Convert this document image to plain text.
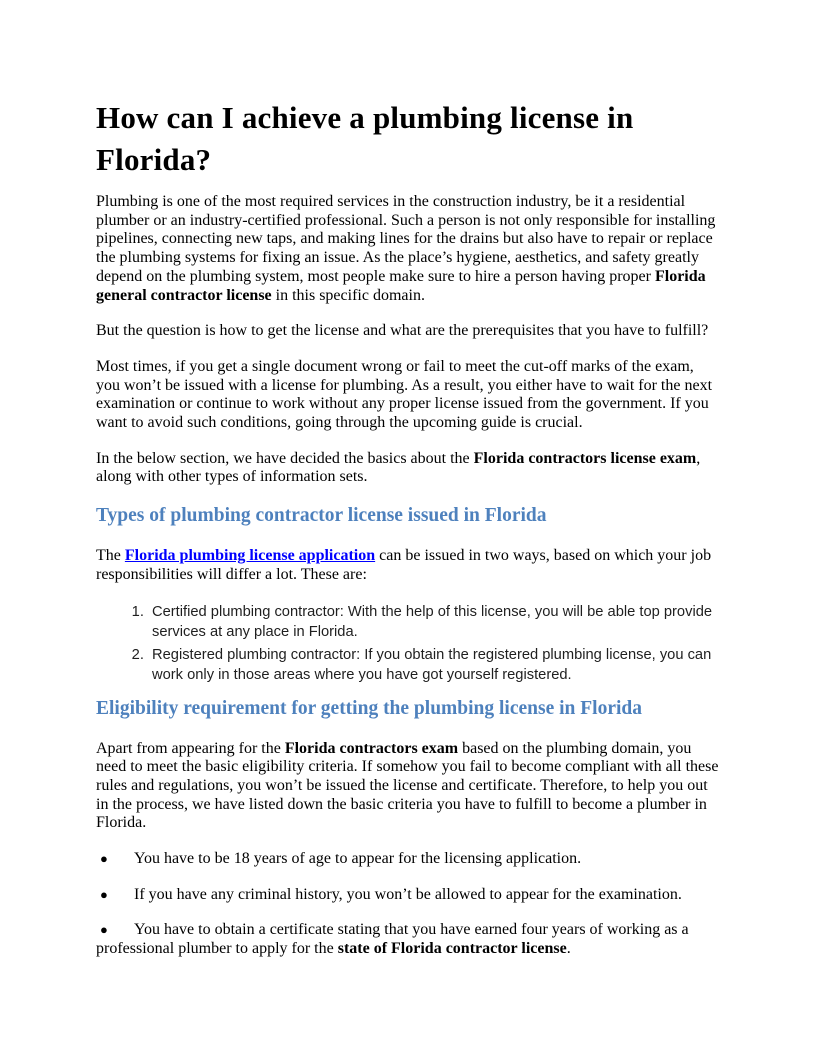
How can I achieve a plumbing license in Florida?

Plumbing is one of the most required services in the construction industry, be it a residential plumber or an industry-certified professional. Such a person is not only responsible for installing pipelines, connecting new taps, and making lines for the drains but also have to repair or replace the plumbing systems for fixing an issue. As the place’s hygiene, aesthetics, and safety greatly depend on the plumbing system, most people make sure to hire a person having proper Florida general contractor license in this specific domain.

But the question is how to get the license and what are the prerequisites that you have to fulfill?

Most times, if you get a single document wrong or fail to meet the cut-off marks of the exam, you won’t be issued with a license for plumbing. As a result, you either have to wait for the next examination or continue to work without any proper license issued from the government. If you want to avoid such conditions, going through the upcoming guide is crucial.

In the below section, we have decided the basics about the Florida contractors license exam, along with other types of information sets.

Types of plumbing contractor license issued in Florida

The Florida plumbing license application can be issued in two ways, based on which your job responsibilities will differ a lot. These are:

1. Certified plumbing contractor: With the help of this license, you will be able top provide services at any place in Florida.
2. Registered plumbing contractor: If you obtain the registered plumbing license, you can work only in those areas where you have got yourself registered.
Eligibility requirement for getting the plumbing license in Florida

Apart from appearing for the Florida contractors exam based on the plumbing domain, you need to meet the basic eligibility criteria. If somehow you fail to become compliant with all these rules and regulations, you won’t be issued the license and certificate. Therefore, to help you out in the process, we have listed down the basic criteria you have to fulfill to become a plumber in Florida.

● You have to be 18 years of age to appear for the licensing application.
● If you have any criminal history, you won’t be allowed to appear for the examination.
● You have to obtain a certificate stating that you have earned four years of working as a professional plumber to apply for the state of Florida contractor license.
